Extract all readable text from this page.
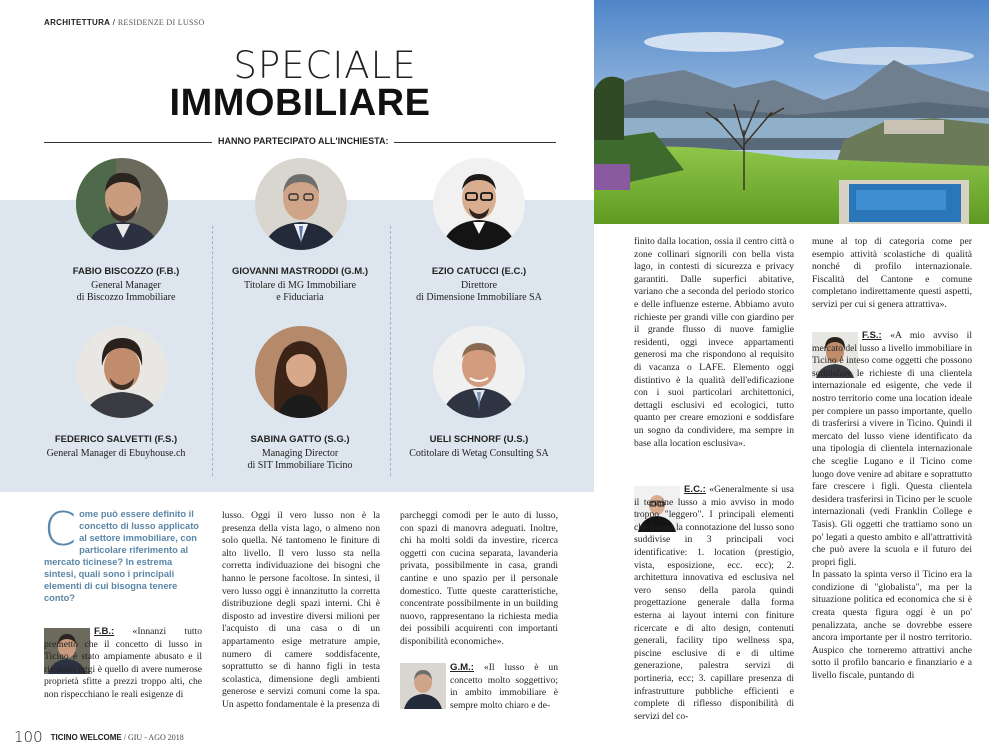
ARCHITETTURA / RESIDENZE DI LUSSO
SPECIALE
IMMOBILIARE
HANNO PARTECIPATO ALL'INCHIESTA:
FABIO BISCOZZO (F.B.)
General Manager
di Biscozzo Immobiliare
GIOVANNI MASTRODDI (G.M.)
Titolare di MG Immobiliare
e Fiduciaria
EZIO CATUCCI (E.C.)
Direttore
di Dimensione Immobiliare SA
FEDERICO SALVETTI (F.S.)
General Manager di Ebuyhouse.ch
SABINA GATTO (S.G.)
Managing Director
di SIT Immobiliare Ticino
UELI SCHNORF (U.S.)
Cotitolare di Wetag Consulting SA
Come può essere definito il concetto di lusso applicato al settore immobiliare, con particolare riferimento al mercato ticinese? In estrema sintesi, quali sono i principali elementi di cui bisogna tenere conto?

F.B.: «Innanzi tutto premetto che il concetto di lusso in Ticino è stato ampiamente abusato e il risultato oggi è quello di avere numerose proprietà sfitte a prezzi troppo alti, che non rispecchiano le reali esigenze di

lusso. Oggi il vero lusso non è la presenza della vista lago, o almeno non solo quella. Né tantomeno le finiture di alto livello. Il vero lusso sta nella corretta individuazione dei bisogni che hanno le persone facoltose. In sintesi, il vero lusso oggi è innanzitutto la corretta distribuzione degli spazi interni. Chi è disposto ad investire diversi milioni per l'acquisto di una casa o di un appartamento esige metrature ampie, numero di camere soddisfacente, soprattutto se di hanno figli in testa scolastica, dimensione degli ambienti generose e servizi comuni come la spa. Un aspetto fondamentale è la presenza di

parcheggi comodi per le auto di lusso, con spazi di manovra adeguati. Inoltre, chi ha molti soldi da investire, ricerca oggetti con cucina separata, lavanderia privata, possibilmente in casa, grandi cantine e uno spazio per il personale domestico. Tutte queste caratteristiche, concentrate possibilmente in un building nuovo, rappresentano la richiesta media dei possibili acquirenti con importanti disponibilità economiche».

G.M.: «Il lusso è un concetto molto soggettivo; in ambito immobiliare è sempre molto chiaro e de-

finito dalla location, ossia il centro città o zone collinari signorili con bella vista lago, in contesti di sicurezza e privacy garantiti. Dalle superfici abitative, variano che a seconda del periodo storico e delle influenze esterne. Abbiamo avuto richieste per grandi ville con giardino per il grande flusso di nuove famiglie residenti, oggi invece appartamenti generosi ma che rispondono al requisito di vacanza o LAFE. Elemento oggi distintivo è la qualità dell'edificazione con i suoi particolari architettonici, dettagli esclusivi ed ecologici, tutto quanto per creare emozioni e soddisfare un sogno da condividere, ma sempre in base alla location esclusiva».

E.C.: «Generalmente si usa il termine lusso a mio avviso in modo troppo "leggero". I principali elementi che danno la connotazione del lusso sono suddivise in 3 principali voci identificative: 1. location (prestigio, vista, esposizione, ecc. ecc); 2. architettura innovativa ed esclusiva nel vero senso della parola quindi progettazione generale dalla forma esterna ai layout interni con finiture ricercate e di alto design, contenuti generali, facility tipo wellness spa, piscine esclusive di e di ultime generazione, palestra servizi di portineria, ecc; 3. capillare presenza di infrastrutture pubbliche efficienti e complete di riflesso disponibilità di servizi del co-

mune al top di categoria come per esempio attività scolastiche di qualità nonché di profilo internazionale. Fiscalità del Cantone e comune completano indirettamente questi aspetti, servizi per cui si genera attrattiva».

F.S.: «A mio avviso il mercato del lusso a livello immobiliare in Ticino è inteso come oggetti che possono soddisfare le richieste di una clientela internazionale ed esigente, che vede il nostro territorio come una location ideale per compiere un passo importante, quello di trasferirsi a vivere in Ticino. Quindi il mercato del lusso viene identificato da una tipologia di clientela internazionale che sceglie Lugano e il Ticino come luogo dove venire ad abitare e soprattutto fare crescere i figli. Questa clientela desidera trasferirsi in Ticino per le scuole internazionali (vedi Franklin College e Tasis). Gli oggetti che trattiamo sono un po' legati a questo ambito e all'attrattività che può avere la scuola e il futuro dei propri figli.

In passato la spinta verso il Ticino era la condizione di "globalista", ma per la situazione politica ed economica che si è creata questa figura oggi è un po' penalizzata, anche se dovrebbe essere ancora importante per il nostro territorio. Auspico che torneremo attrattivi anche sotto il profilo bancario e finanziario e a livello fiscale, puntando di

100 TICINO WELCOME / GIU - AGO 2018
